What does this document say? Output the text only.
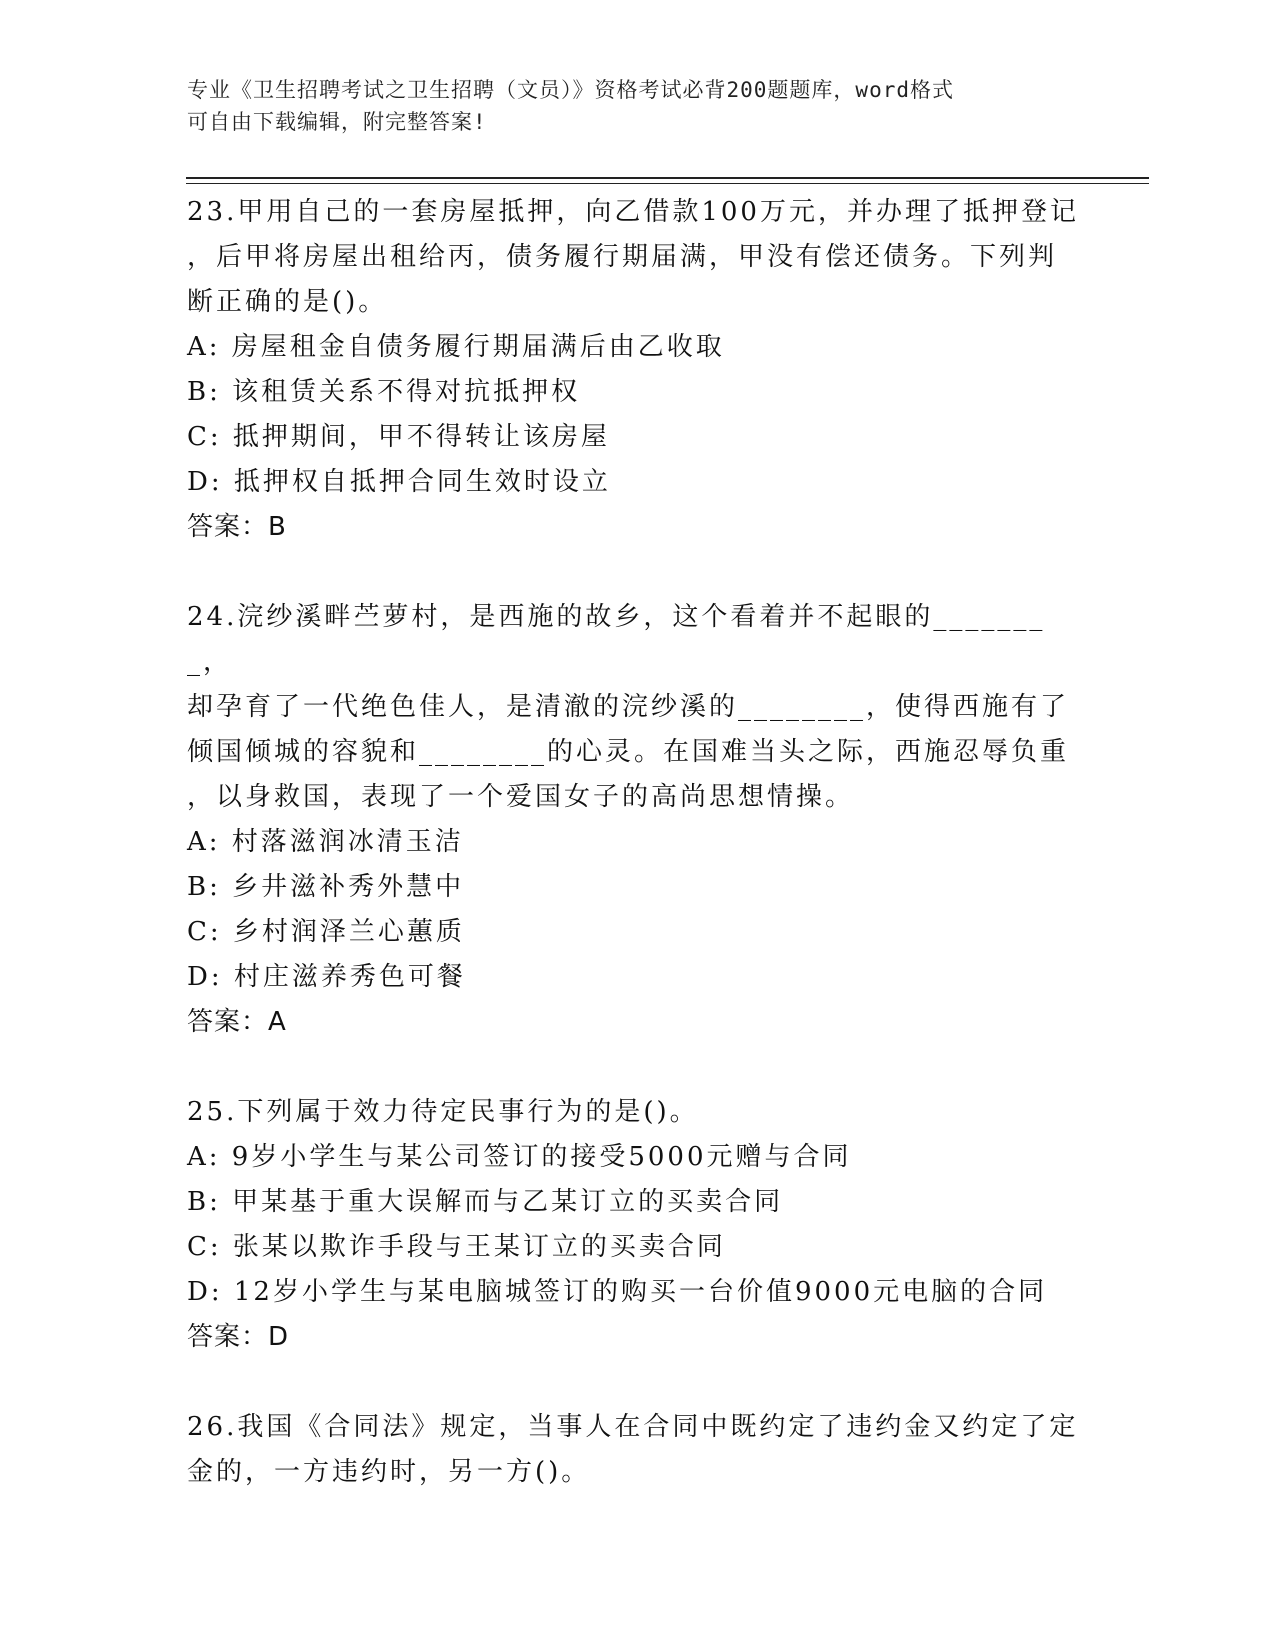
专业《卫生招聘考试之卫生招聘（文员）》资格考试必背200题题库，word格式
可自由下载编辑，附完整答案!

23.甲用自己的一套房屋抵押，向乙借款100万元，并办理了抵押登记

，后甲将房屋出租给丙，债务履行期届满，甲没有偿还债务。下列判

断正确的是()。

A: 房屋租金自债务履行期届满后由乙收取

B: 该租赁关系不得对抗抵押权

C: 抵押期间，甲不得转让该房屋

D: 抵押权自抵押合同生效时设立

答案：B

24.浣纱溪畔苎萝村，是西施的故乡，这个看着并不起眼的________，

却孕育了一代绝色佳人，是清澈的浣纱溪的________，使得西施有了

倾国倾城的容貌和________的心灵。在国难当头之际，西施忍辱负重

，以身救国，表现了一个爱国女子的高尚思想情操。

A: 村落滋润冰清玉洁

B: 乡井滋补秀外慧中

C: 乡村润泽兰心蕙质

D: 村庄滋养秀色可餐

答案：A

25.下列属于效力待定民事行为的是()。

A: 9岁小学生与某公司签订的接受5000元赠与合同

B: 甲某基于重大误解而与乙某订立的买卖合同

C: 张某以欺诈手段与王某订立的买卖合同

D: 12岁小学生与某电脑城签订的购买一台价值9000元电脑的合同

答案：D

26.我国《合同法》规定，当事人在合同中既约定了违约金又约定了定

金的，一方违约时，另一方()。
